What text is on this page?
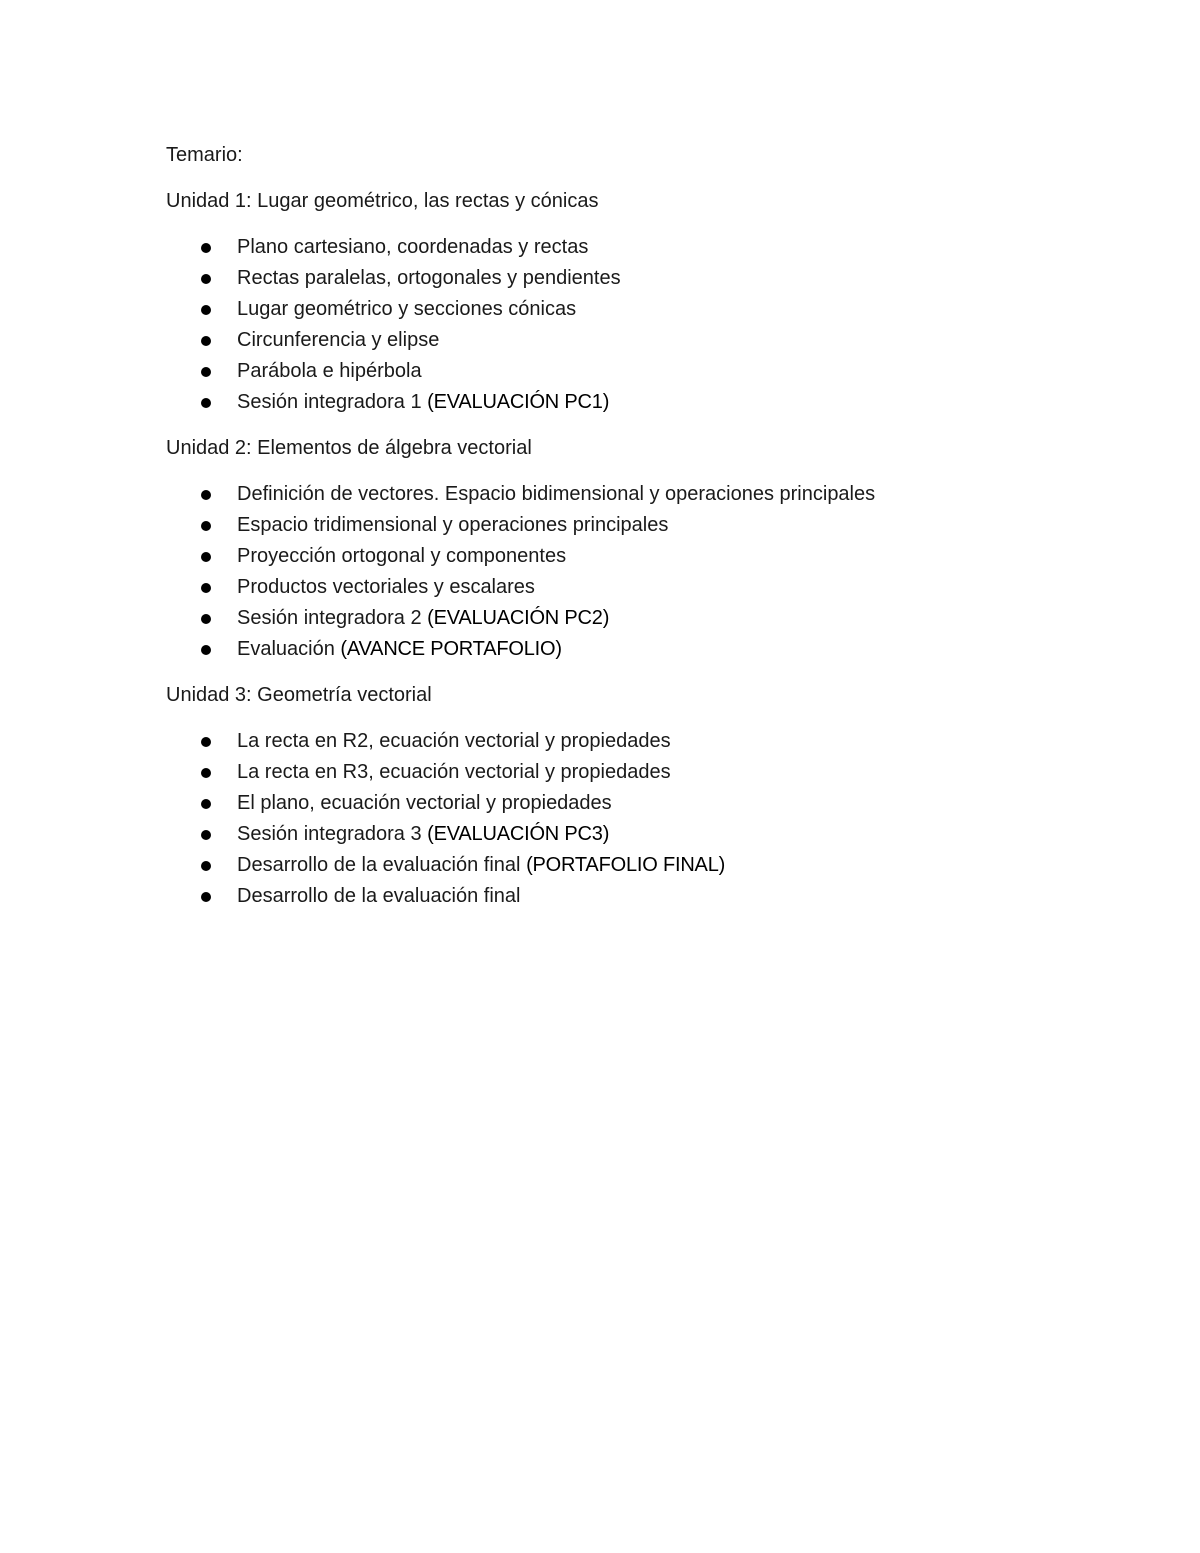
Temario:
Unidad 1: Lugar geométrico, las rectas y cónicas
Plano cartesiano, coordenadas y rectas
Rectas paralelas, ortogonales y pendientes
Lugar geométrico y secciones cónicas
Circunferencia y elipse
Parábola e hipérbola
Sesión integradora 1 (EVALUACIÓN PC1)
Unidad 2: Elementos de álgebra vectorial
Definición de vectores. Espacio bidimensional y operaciones principales
Espacio tridimensional y operaciones principales
Proyección ortogonal y componentes
Productos vectoriales y escalares
Sesión integradora 2 (EVALUACIÓN PC2)
Evaluación (AVANCE PORTAFOLIO)
Unidad 3: Geometría vectorial
La recta en R2, ecuación vectorial y propiedades
La recta en R3, ecuación vectorial y propiedades
El plano, ecuación vectorial y propiedades
Sesión integradora 3 (EVALUACIÓN PC3)
Desarrollo de la evaluación final (PORTAFOLIO FINAL)
Desarrollo de la evaluación final
